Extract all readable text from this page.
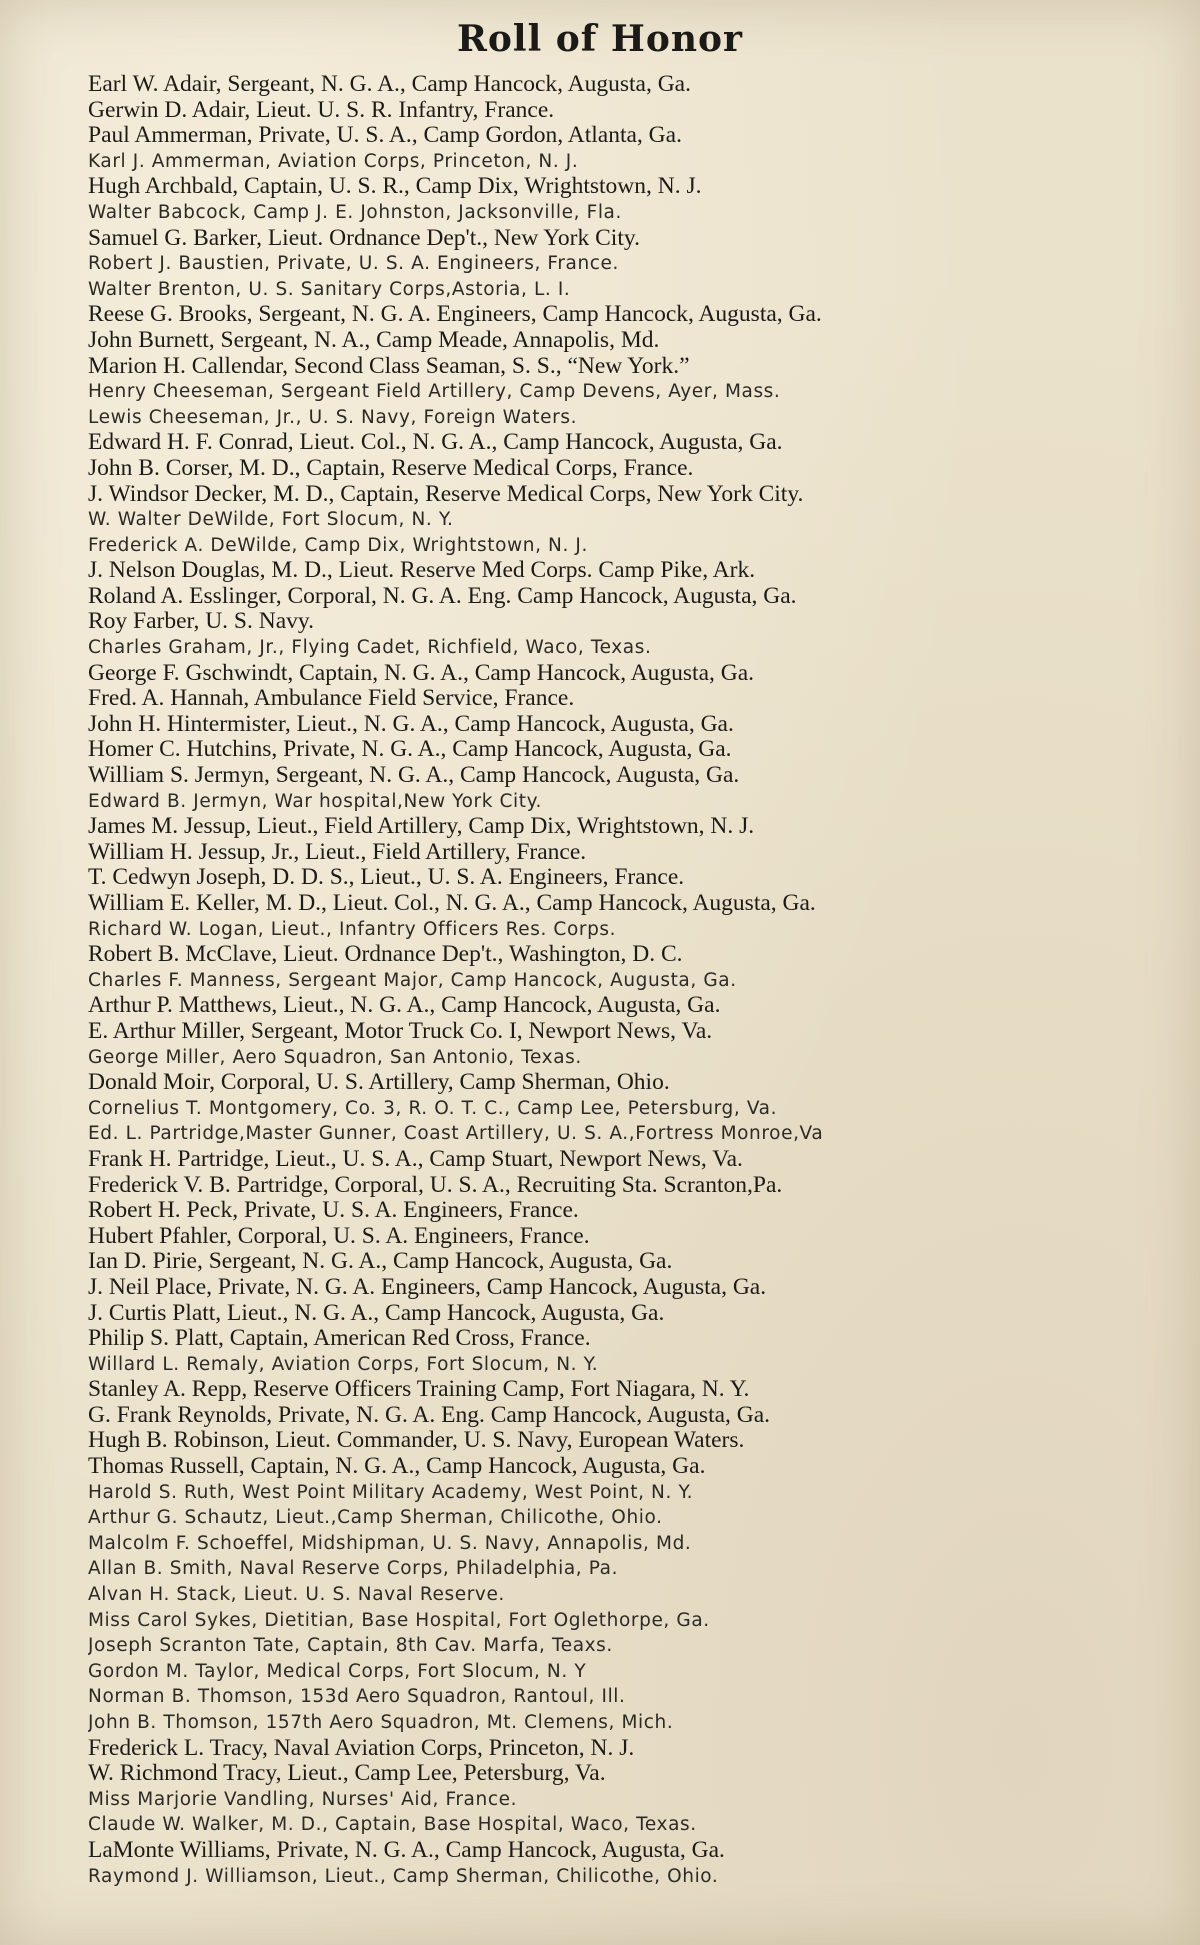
Roll of Honor
Earl W. Adair, Sergeant, N. G. A., Camp Hancock, Augusta, Ga.
Gerwin D. Adair, Lieut. U. S. R. Infantry, France.
Paul Ammerman, Private, U. S. A., Camp Gordon, Atlanta, Ga.
Karl J. Ammerman, Aviation Corps, Princeton, N. J.
Hugh Archbald, Captain, U. S. R., Camp Dix, Wrightstown, N. J.
Walter Babcock, Camp J. E. Johnston, Jacksonville, Fla.
Samuel G. Barker, Lieut. Ordnance Dep't., New York City.
Robert J. Baustien, Private, U. S. A. Engineers, France.
Walter Brenton, U. S. Sanitary Corps,Astoria, L. I.
Reese G. Brooks, Sergeant, N. G. A. Engineers, Camp Hancock, Augusta, Ga.
John Burnett, Sergeant, N. A., Camp Meade, Annapolis, Md.
Marion H. Callendar, Second Class Seaman, S. S., “New York.”
Henry Cheeseman, Sergeant Field Artillery, Camp Devens, Ayer, Mass.
Lewis Cheeseman, Jr., U. S. Navy, Foreign Waters.
Edward H. F. Conrad, Lieut. Col., N. G. A., Camp Hancock, Augusta, Ga.
John B. Corser, M. D., Captain, Reserve Medical Corps, France.
J. Windsor Decker, M. D., Captain, Reserve Medical Corps, New York City.
W. Walter DeWilde, Fort Slocum, N. Y.
Frederick A. DeWilde, Camp Dix, Wrightstown, N. J.
J. Nelson Douglas, M. D., Lieut. Reserve Med Corps. Camp Pike, Ark.
Roland A. Esslinger, Corporal, N. G. A. Eng. Camp Hancock, Augusta, Ga.
Roy Farber, U. S. Navy.
Charles Graham, Jr., Flying Cadet, Richfield, Waco, Texas.
George F. Gschwindt, Captain, N. G. A., Camp Hancock, Augusta, Ga.
Fred. A. Hannah, Ambulance Field Service, France.
John H. Hintermister, Lieut., N. G. A., Camp Hancock, Augusta, Ga.
Homer C. Hutchins, Private, N. G. A., Camp Hancock, Augusta, Ga.
William S. Jermyn, Sergeant, N. G. A., Camp Hancock, Augusta, Ga.
Edward B. Jermyn, War hospital,New York City.
James M. Jessup, Lieut., Field Artillery, Camp Dix, Wrightstown, N. J.
William H. Jessup, Jr., Lieut., Field Artillery, France.
T. Cedwyn Joseph, D. D. S., Lieut., U. S. A. Engineers, France.
William E. Keller, M. D., Lieut. Col., N. G. A., Camp Hancock, Augusta, Ga.
Richard W. Logan, Lieut., Infantry Officers Res. Corps.
Robert B. McClave, Lieut. Ordnance Dep't., Washington, D. C.
Charles F. Manness, Sergeant Major, Camp Hancock, Augusta, Ga.
Arthur P. Matthews, Lieut., N. G. A., Camp Hancock, Augusta, Ga.
E. Arthur Miller, Sergeant, Motor Truck Co. I, Newport News, Va.
George Miller, Aero Squadron, San Antonio, Texas.
Donald Moir, Corporal, U. S. Artillery, Camp Sherman, Ohio.
Cornelius T. Montgomery, Co. 3, R. O. T. C., Camp Lee, Petersburg, Va.
Ed. L. Partridge,Master Gunner, Coast Artillery, U. S. A.,Fortress Monroe,Va
Frank H. Partridge, Lieut., U. S. A., Camp Stuart, Newport News, Va.
Frederick V. B. Partridge, Corporal, U. S. A., Recruiting Sta. Scranton,Pa.
Robert H. Peck, Private, U. S. A. Engineers, France.
Hubert Pfahler, Corporal, U. S. A. Engineers, France.
Ian D. Pirie, Sergeant, N. G. A., Camp Hancock, Augusta, Ga.
J. Neil Place, Private, N. G. A. Engineers, Camp Hancock, Augusta, Ga.
J. Curtis Platt, Lieut., N. G. A., Camp Hancock, Augusta, Ga.
Philip S. Platt, Captain, American Red Cross, France.
Willard L. Remaly, Aviation Corps, Fort Slocum, N. Y.
Stanley A. Repp, Reserve Officers Training Camp, Fort Niagara, N. Y.
G. Frank Reynolds, Private, N. G. A. Eng. Camp Hancock, Augusta, Ga.
Hugh B. Robinson, Lieut. Commander, U. S. Navy, European Waters.
Thomas Russell, Captain, N. G. A., Camp Hancock, Augusta, Ga.
Harold S. Ruth, West Point Military Academy, West Point, N. Y.
Arthur G. Schautz, Lieut.,Camp Sherman, Chilicothe, Ohio.
Malcolm F. Schoeffel, Midshipman, U. S. Navy, Annapolis, Md.
Allan B. Smith, Naval Reserve Corps, Philadelphia, Pa.
Alvan H. Stack, Lieut. U. S. Naval Reserve.
Miss Carol Sykes, Dietitian, Base Hospital, Fort Oglethorpe, Ga.
Joseph Scranton Tate, Captain, 8th Cav. Marfa, Teaxs.
Gordon M. Taylor, Medical Corps, Fort Slocum, N. Y
Norman B. Thomson, 153d Aero Squadron, Rantoul, Ill.
John B. Thomson, 157th Aero Squadron, Mt. Clemens, Mich.
Frederick L. Tracy, Naval Aviation Corps, Princeton, N. J.
W. Richmond Tracy, Lieut., Camp Lee, Petersburg, Va.
Miss Marjorie Vandling, Nurses' Aid, France.
Claude W. Walker, M. D., Captain, Base Hospital, Waco, Texas.
LaMonte Williams, Private, N. G. A., Camp Hancock, Augusta, Ga.
Raymond J. Williamson, Lieut., Camp Sherman, Chilicothe, Ohio.
